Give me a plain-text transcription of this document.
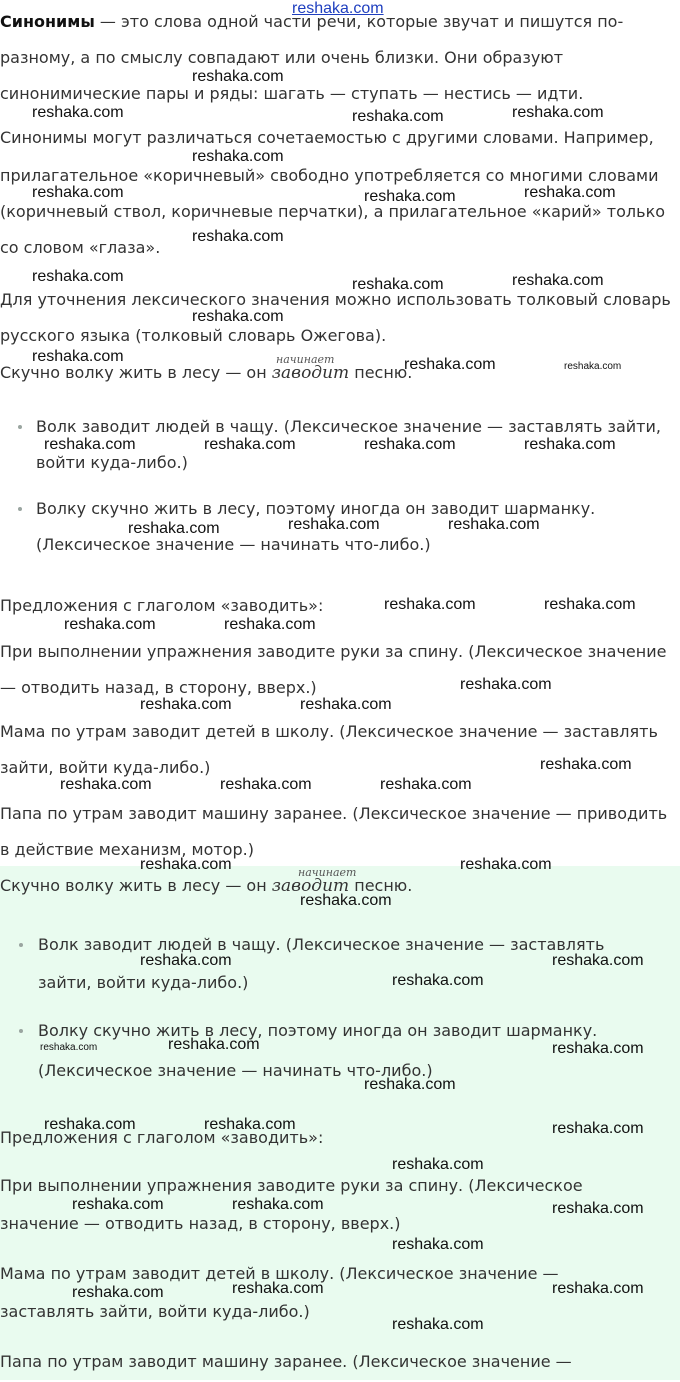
Синонимы — это слова одной части речи, которые звучат и пишутся по-
разному, а по смыслу совпадают или очень близки. Они образуют
синонимические пары и ряды: шагать — ступать — нестись — идти.
Синонимы могут различаться сочетаемостью с другими словами. Например,
прилагательное «коричневый» свободно употребляется со многими словами
(коричневый ствол, коричневые перчатки), а прилагательное «карий» только
со словом «глаза».
Для уточнения лексического значения можно использовать толковый словарь
русского языка (толковый словарь Ожегова).
начинает
Скучно волку жить в лесу — он заводит песню.
Волк заводит людей в чащу. (Лексическое значение — заставлять зайти,
войти куда-либо.)
Волку скучно жить в лесу, поэтому иногда он заводит шарманку.
(Лексическое значение — начинать что-либо.)
Предложения с глаголом «заводить»:
При выполнении упражнения заводите руки за спину. (Лексическое значение
— отводить назад, в сторону, вверх.)
Мама по утрам заводит детей в школу. (Лексическое значение — заставлять
зайти, войти куда-либо.)
Папа по утрам заводит машину заранее. (Лексическое значение — приводить
в действие механизм, мотор.)
начинает
Скучно волку жить в лесу — он заводит песню.
Волк заводит людей в чащу. (Лексическое значение — заставлять
зайти, войти куда-либо.)
Волку скучно жить в лесу, поэтому иногда он заводит шарманку.
(Лексическое значение — начинать что-либо.)
Предложения с глаголом «заводить»:
При выполнении упражнения заводите руки за спину. (Лексическое
значение — отводить назад, в сторону, вверх.)
Мама по утрам заводит детей в школу. (Лексическое значение —
заставлять зайти, войти куда-либо.)
Папа по утрам заводит машину заранее. (Лексическое значение —
reshaka.com
reshaka.com
reshaka.com	reshaka.com	reshaka.com
reshaka.com
reshaka.com	reshaka.com	reshaka.com
reshaka.com
reshaka.com	reshaka.com	reshaka.com
reshaka.com
reshaka.com	reshaka.com	reshaka.com
reshaka.com	reshaka.com	reshaka.com	reshaka.com
reshaka.com	reshaka.com	reshaka.com
reshaka.com	reshaka.com
reshaka.com	reshaka.com
reshaka.com
reshaka.com	reshaka.com
reshaka.com
reshaka.com	reshaka.com	reshaka.com
reshaka.com	reshaka.com
reshaka.com
reshaka.com	reshaka.com
reshaka.com
reshaka.com	reshaka.com	reshaka.com
reshaka.com
reshaka.com	reshaka.com	reshaka.com
reshaka.com
reshaka.com	reshaka.com	reshaka.com
reshaka.com
reshaka.com	reshaka.com	reshaka.com
reshaka.com
